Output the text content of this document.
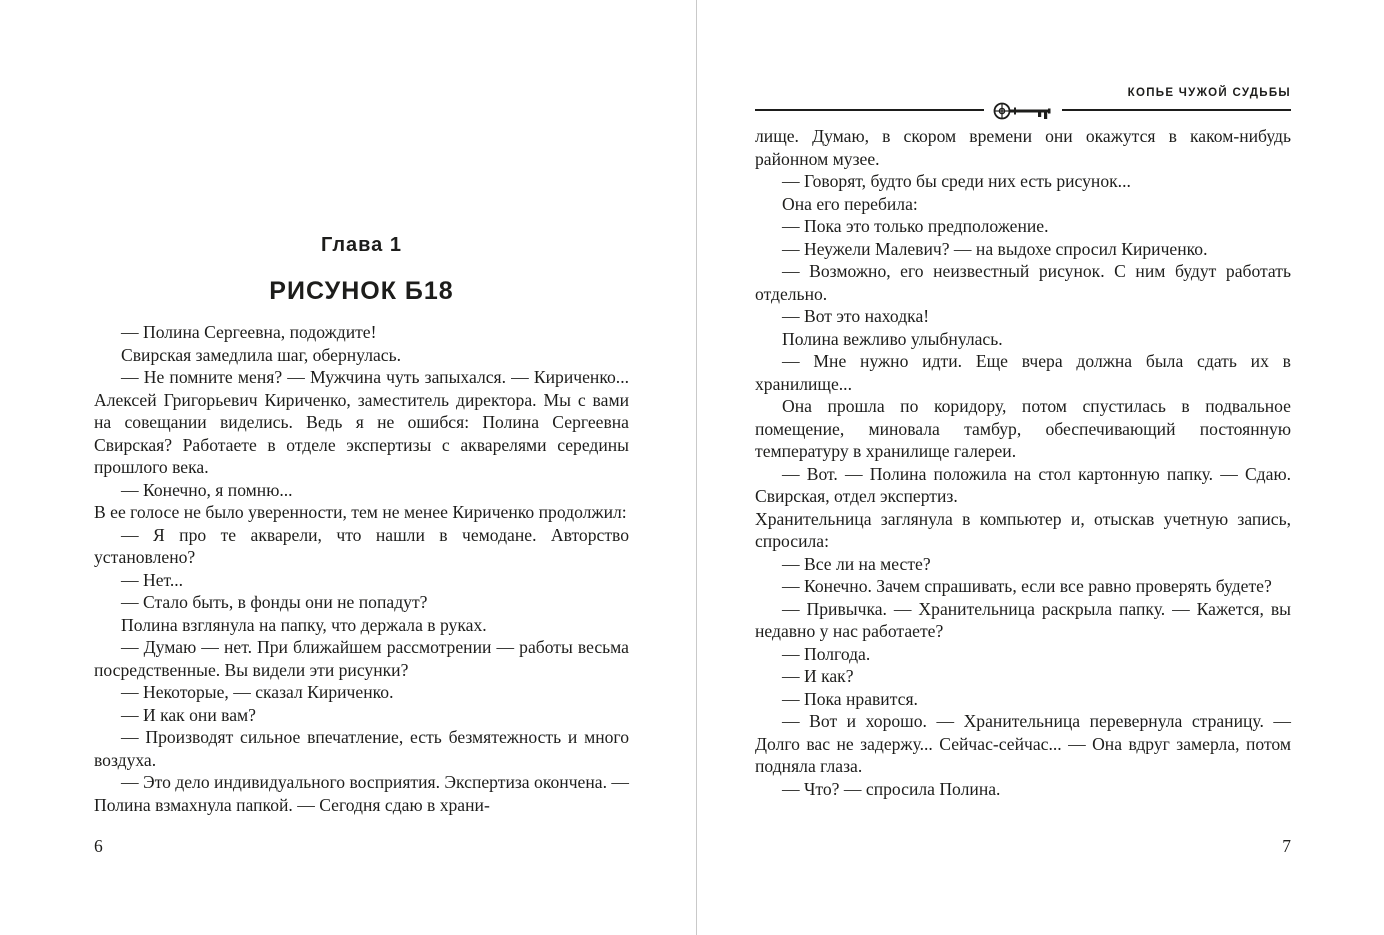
Глава 1
РИСУНОК Б18

— Полина Сергеевна, подождите!

Свирская замедлила шаг, обернулась.

— Не помните меня? — Мужчина чуть запыхался. — Кириченко... Алексей Григорьевич Кириченко, заместитель директора. Мы с вами на совещании виделись. Ведь я не ошибся: Полина Сергеевна Свирская? Работаете в отделе экспертизы с акварелями середины прошлого века.

— Конечно, я помню...

В ее голосе не было уверенности, тем не менее Кириченко продолжил:

— Я про те акварели, что нашли в чемодане. Авторство установлено?

— Нет...

— Стало быть, в фонды они не попадут?

Полина взглянула на папку, что держала в руках.

— Думаю — нет. При ближайшем рассмотрении — работы весьма посредственные. Вы видели эти рисунки?

— Некоторые, — сказал Кириченко.

— И как они вам?

— Производят сильное впечатление, есть безмятежность и много воздуха.

— Это дело индивидуального восприятия. Экспертиза окончена. — Полина взмахнула папкой. — Сегодня сдаю в храни-

6
КОПЬЕ ЧУЖОЙ СУДЬБЫ

лище. Думаю, в скором времени они окажутся в каком-нибудь районном музее.

— Говорят, будто бы среди них есть рисунок...

Она его перебила:

— Пока это только предположение.

— Неужели Малевич? — на выдохе спросил Кириченко.

— Возможно, его неизвестный рисунок. С ним будут работать отдельно.

— Вот это находка!

Полина вежливо улыбнулась.

— Мне нужно идти. Еще вчера должна была сдать их в хранилище...

Она прошла по коридору, потом спустилась в подвальное помещение, миновала тамбур, обеспечивающий постоянную температуру в хранилище галереи.

— Вот. — Полина положила на стол картонную папку. — Сдаю. Свирская, отдел экспертиз.

Хранительница заглянула в компьютер и, отыскав учетную запись, спросила:

— Все ли на месте?

— Конечно. Зачем спрашивать, если все равно проверять будете?

— Привычка. — Хранительница раскрыла папку. — Кажется, вы недавно у нас работаете?

— Полгода.

— И как?

— Пока нравится.

— Вот и хорошо. — Хранительница перевернула страницу. — Долго вас не задержу... Сейчас-сейчас... — Она вдруг замерла, потом подняла глаза.

— Что? — спросила Полина.

7
